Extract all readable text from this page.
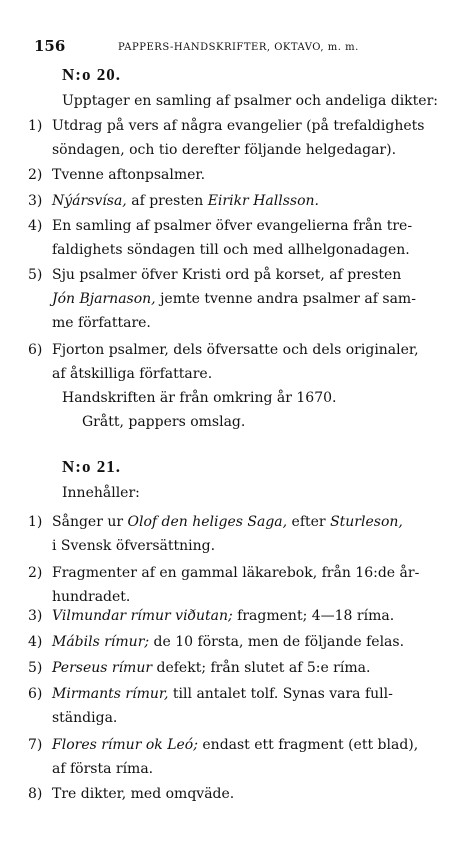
156	PAPPERS-HANDSKRIFTER, OKTAVO, m. m.
N:o 20.
Upptager en samling af psalmer och andeliga dikter:
1) Utdrag på vers af några evangelier (på trefaldighets
söndagen, och tio derefter följande helgedagar).
2) Tvenne aftonpsalmer.
3) Nýársvísa, af presten Eirikr Hallsson.
4) En samling af psalmer öfver evangelierna från tre-
faldighets söndagen till och med allhelgonadagen.
5) Sju psalmer öfver Kristi ord på korset, af presten
Jón Bjarnason, jemte tvenne andra psalmer af sam-
me författare.
6) Fjorton psalmer, dels öfversatte och dels originaler,
af åtskilliga författare.
Handskriften är från omkring år 1670.
Grått, pappers omslag.
N:o 21.
Innehåller:
1) Sånger ur Olof den heliges Saga, efter Sturleson,
i Svensk öfversättning.
2) Fragmenter af en gammal läkarebok, från 16:de år-
hundradet.
3) Vilmundar rímur viðutan; fragment; 4—18 ríma.
4) Mábils rímur; de 10 första, men de följande felas.
5) Perseus rímur defekt; från slutet af 5:e ríma.
6) Mirmants rímur, till antalet tolf. Synas vara full-
ständiga.
7) Flores rímur ok Leó; endast ett fragment (ett blad),
af första ríma.
8) Tre dikter, med omqväde.
